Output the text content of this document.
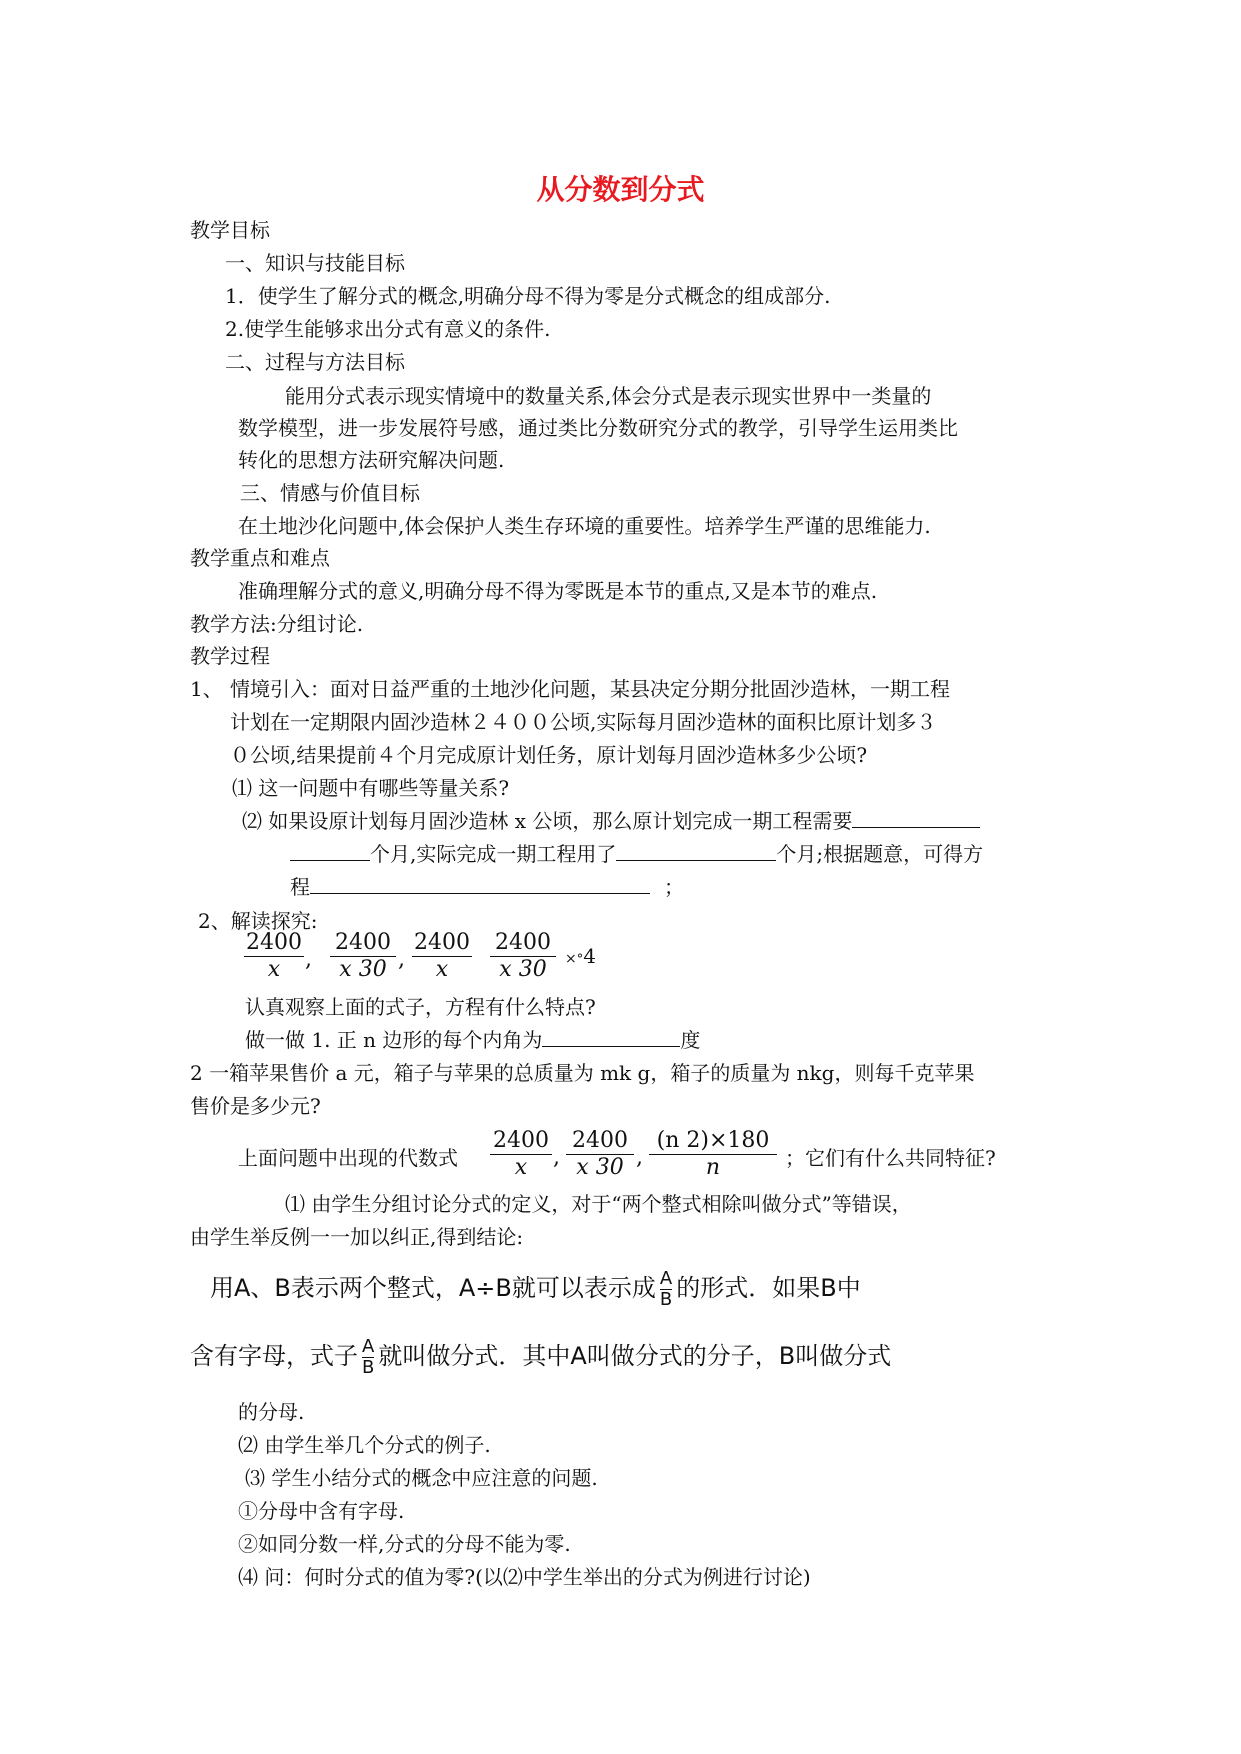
从分数到分式
教学目标
一、知识与技能目标
1．使学生了解分式的概念,明确分母不得为零是分式概念的组成部分.
2.使学生能够求出分式有意义的条件.
二、过程与方法目标
能用分式表示现实情境中的数量关系,体会分式是表示现实世界中一类量的
数学模型，进一步发展符号感，通过类比分数研究分式的教学，引导学生运用类比
转化的思想方法研究解决问题.
三、情感与价值目标
在土地沙化问题中,体会保护人类生存环境的重要性。培养学生严谨的思维能力.
教学重点和难点
准确理解分式的意义,明确分母不得为零既是本节的重点,又是本节的难点.
教学方法:分组讨论.
教学过程
1、 情境引入：面对日益严重的土地沙化问题，某县决定分期分批固沙造林，一期工程
计划在一定期限内固沙造林２４００公顷,实际每月固沙造林的面积比原计划多３
０公顷,结果提前４个月完成原计划任务，原计划每月固沙造林多少公顷?
⑴ 这一问题中有哪些等量关系?
⑵ 如果设原计划每月固沙造林 x 公顷，那么原计划完成一期工程需要
个月,实际完成一期工程用了	个月;根据题意，可得方
程	；
2、解读探究:
$\frac{2400}{x}$ , $\frac{2400}{x 30}$ , $\frac{2400}{x} \frac{2400}{x 30} \times^\circ 4$
认真观察上面的式子，方程有什么特点?
做一做 1. 正 n 边形的每个内角为	度
2 一箱苹果售价 a 元，箱子与苹果的总质量为 mk g，箱子的质量为 nkg，则每千克苹果
售价是多少元?
上面问题中出现的代数式 $\frac{2400}{x}$ , $\frac{2400}{x 30}$ , $\frac{(n 2)\times 180}{n}$ ；它们有什么共同特征?
⑴ 由学生分组讨论分式的定义，对于“两个整式相除叫做分式”等错误，
由学生举反例一一加以纠正,得到结论:
用A、B表示两个整式，A÷B就可以表示成 $\frac{A}{B}$ 的形式．如果B中
含有字母，式子 $\frac{A}{B}$ 就叫做分式．其中A叫做分式的分子，B叫做分式
的分母.
⑵ 由学生举几个分式的例子.
⑶ 学生小结分式的概念中应注意的问题.
①分母中含有字母.
②如同分数一样,分式的分母不能为零.
⑷ 问：何时分式的值为零?(以⑵中学生举出的分式为例进行讨论)
